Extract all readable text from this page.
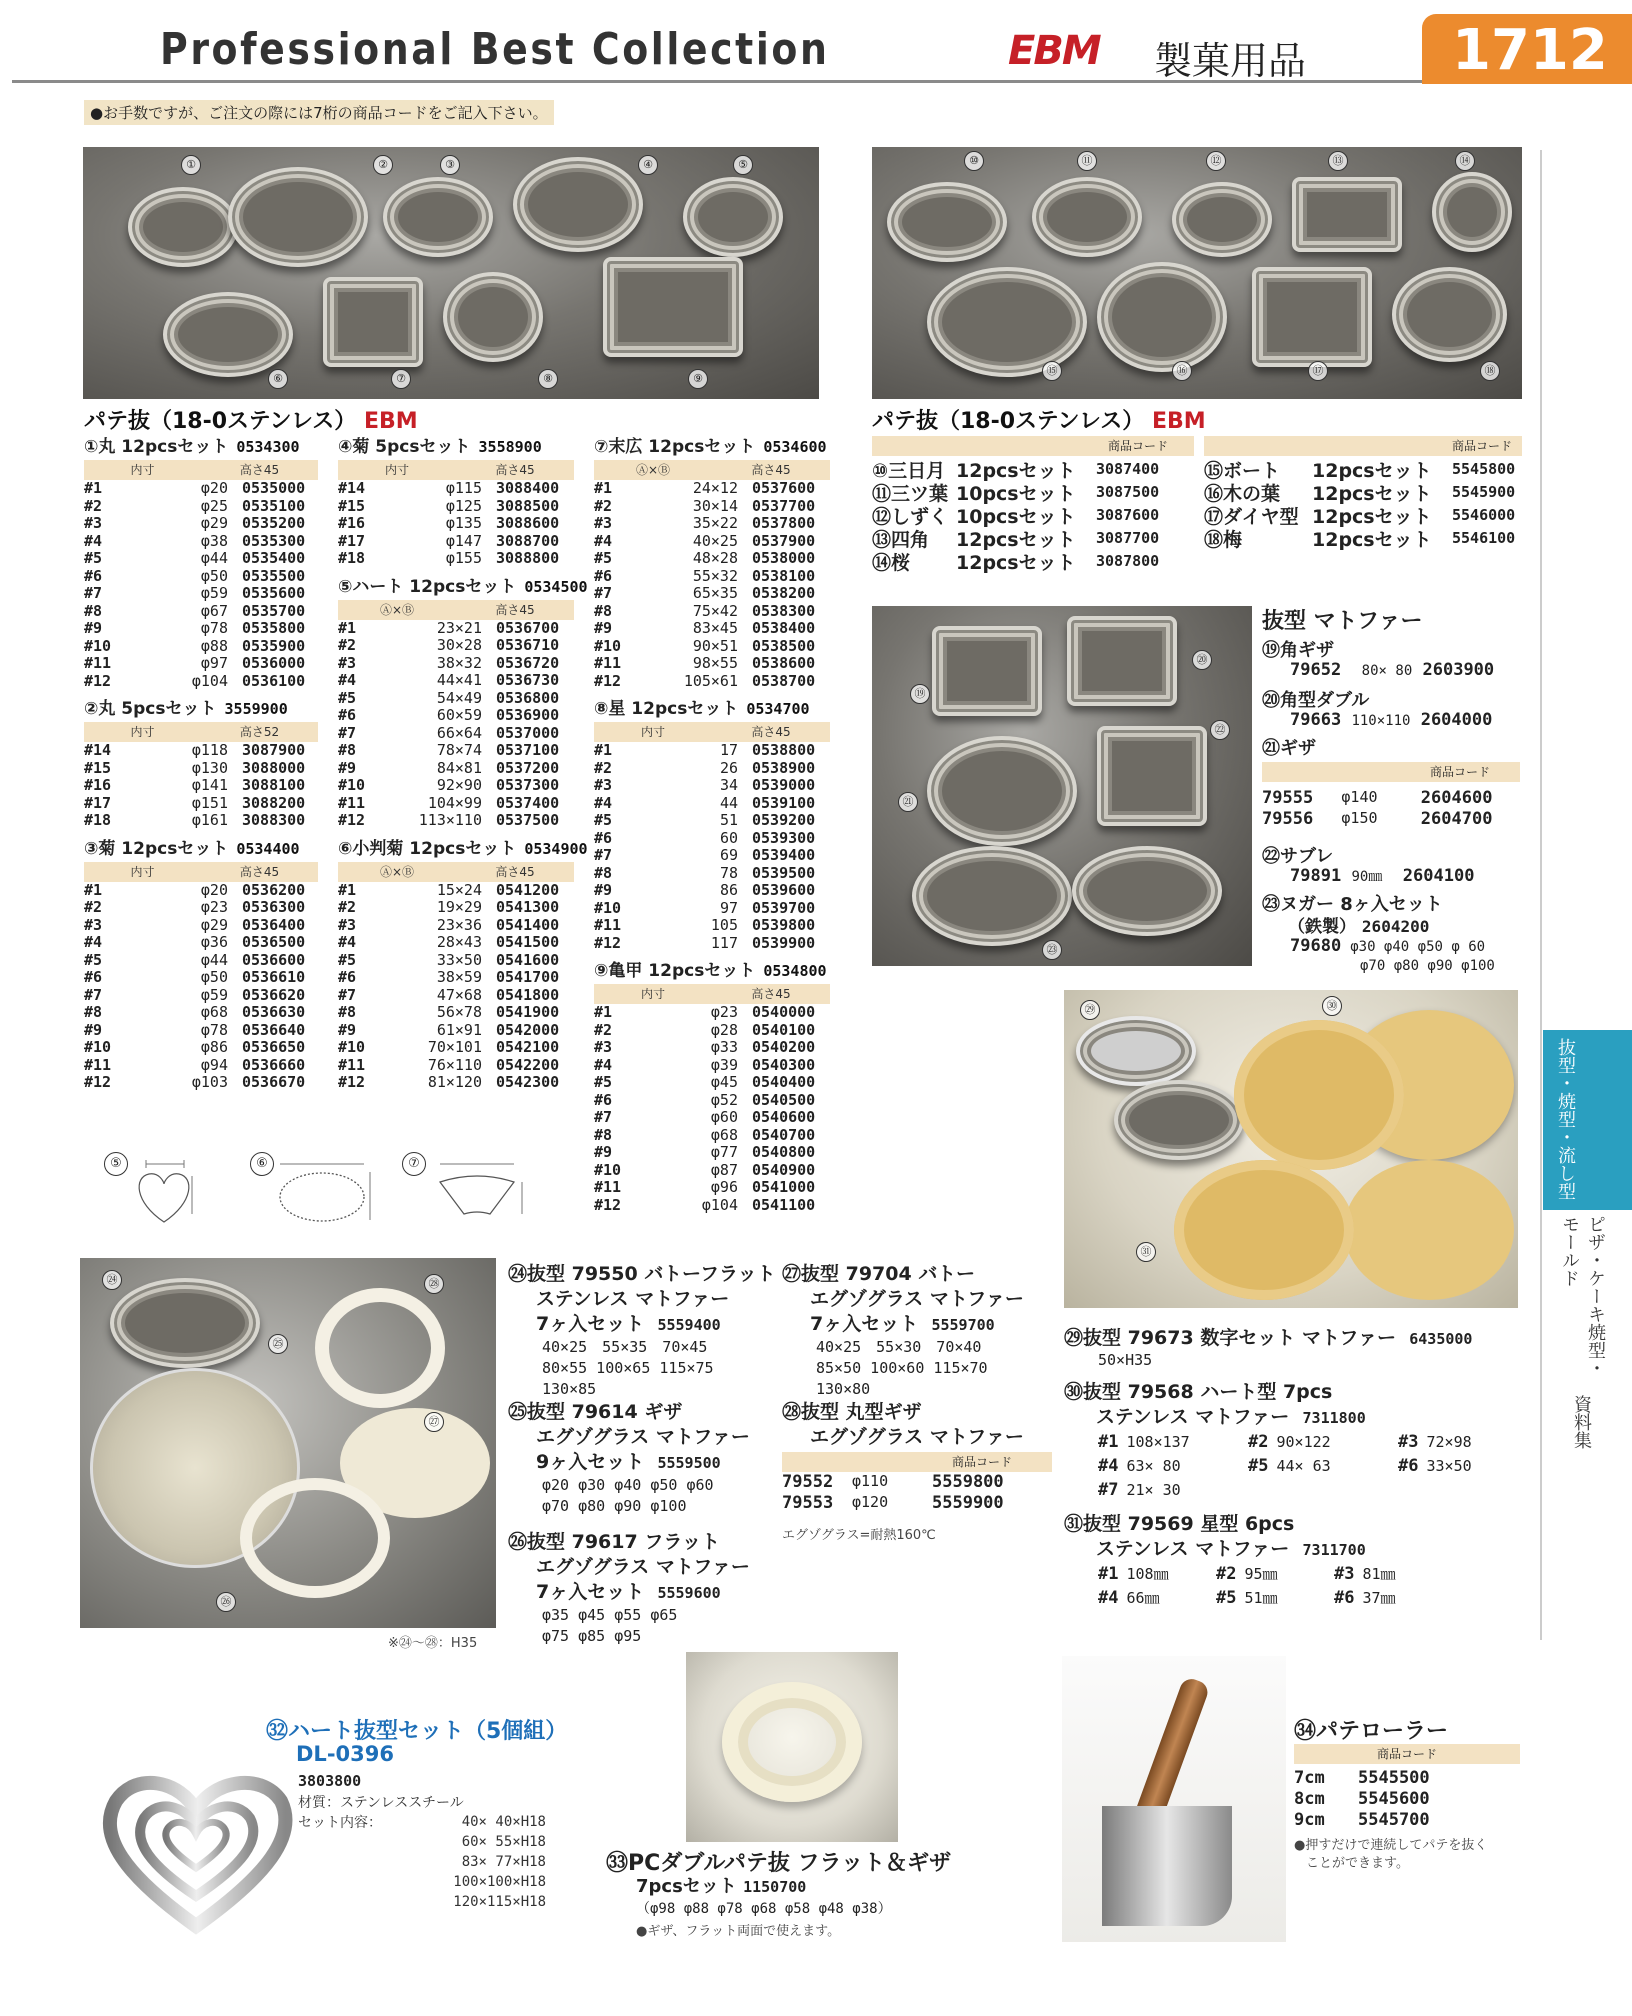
Professional Best Collection	EBM 製菓用品	1712
●お手数ですが、ご注文の際には7桁の商品コードをご記入下さい。
抜型・焼型・流し型
ピザ・ケーキ焼型・モールド
資料集
①	②	③	④	⑤
⑥	⑦	⑧	⑨
⑩	⑪	⑫	⑬	⑭
⑮	⑯	⑰	⑱
パテ抜（18-0ステンレス） EBM
①丸 12pcsセット 0534300
内寸	高さ45
#1	φ20 0535000
#2	φ25 0535100
#3	φ29 0535200
#4	φ38 0535300
#5	φ44 0535400
#6	φ50 0535500
#7	φ59 0535600
#8	φ67 0535700
#9	φ78 0535800
#10	φ88 0535900
#11	φ97 0536000
#12	φ104 0536100
②丸 5pcsセット 3559900
内寸	高さ52
#14	φ118 3087900
#15	φ130 3088000
#16	φ141 3088100
#17	φ151 3088200
#18	φ161 3088300
③菊 12pcsセット 0534400
内寸	高さ45
#1	φ20 0536200
#2	φ23 0536300
#3	φ29 0536400
#4	φ36 0536500
#5	φ44 0536600
#6	φ50 0536610
#7	φ59 0536620
#8	φ68 0536630
#9	φ78 0536640
#10	φ86 0536650
#11	φ94 0536660
#12	φ103 0536670
④菊 5pcsセット 3558900
内寸	高さ45
#14	φ115 3088400
#15	φ125 3088500
#16	φ135 3088600
#17	φ147 3088700
#18	φ155 3088800
⑤ハート 12pcsセット 0534500
Ⓐ×Ⓑ	高さ45
#1	23×21 0536700
#2	30×28 0536710
#3	38×32 0536720
#4	44×41 0536730
#5	54×49 0536800
#6	60×59 0536900
#7	66×64 0537000
#8	78×74 0537100
#9	84×81 0537200
#10	92×90 0537300
#11	104×99 0537400
#12	113×110 0537500
⑥小判菊 12pcsセット 0534900
Ⓐ×Ⓑ	高さ45
#1	15×24 0541200
#2	19×29 0541300
#3	23×36 0541400
#4	28×43 0541500
#5	33×50 0541600
#6	38×59 0541700
#7	47×68 0541800
#8	56×78 0541900
#9	61×91 0542000
#10	70×101 0542100
#11	76×110 0542200
#12	81×120 0542300
⑦末広 12pcsセット 0534600
Ⓐ×Ⓑ	高さ45
#1	24×12 0537600
#2	30×14 0537700
#3	35×22 0537800
#4	40×25 0537900
#5	48×28 0538000
#6	55×32 0538100
#7	65×35 0538200
#8	75×42 0538300
#9	83×45 0538400
#10	90×51 0538500
#11	98×55 0538600
#12	105×61 0538700
⑧星 12pcsセット 0534700
内寸	高さ45
#1	17 0538800
#2	26 0538900
#3	34 0539000
#4	44 0539100
#5	51 0539200
#6	60 0539300
#7	69 0539400
#8	78 0539500
#9	86 0539600
#10	97 0539700
#11	105 0539800
#12	117 0539900
⑨亀甲 12pcsセット 0534800
内寸	高さ45
#1	φ23 0540000
#2	φ28 0540100
#3	φ33 0540200
#4	φ39 0540300
#5	φ45 0540400
#6	φ52 0540500
#7	φ60 0540600
#8	φ68 0540700
#9	φ77 0540800
#10	φ87 0540900
#11	φ96 0541000
#12	φ104 0541100
⑤	⑥	⑦
パテ抜（18-0ステンレス） EBM
商品コード	商品コード
⑩三日月 12pcsセット	3087400
⑪三ツ葉 10pcsセット	3087500
⑫しずく 10pcsセット	3087600
⑬四角	12pcsセット	3087700
⑭桜	12pcsセット	3087800
⑮ボート	12pcsセット	5545800
⑯木の葉	12pcsセット	5545900
⑰ダイヤ型 12pcsセット	5546000
⑱梅	12pcsセット	5546100
⑲
⑳
㉑
㉒
㉓
抜型 マトファー
⑲角ギザ
79652 80× 80 2603900
⑳角型ダブル
79663 110×110 2604000
㉑ギザ
商品コード
79555	φ140	2604600
79556	φ150	2604700
㉒サブレ
79891 90㎜ 2604100
㉓ヌガー 8ヶ入セット
（鉄製） 2604200
79680 φ30 φ40 φ50 φ 60
φ70 φ80 φ90 φ100
㉙	㉚
㉛
㉔
㉕
㉖
㉗
㉘
※㉔～㉘：H35
㉔抜型 79550 バトーフラット
ステンレス マトファー
7ヶ入セット 5559400
40×25　55×35　70×45
80×55 100×65 115×75
130×85
㉕抜型 79614 ギザ
エグゾグラス マトファー
9ヶ入セット 5559500
φ20 φ30 φ40 φ50 φ60
φ70 φ80 φ90 φ100
㉖抜型 79617 フラット
エグゾグラス マトファー
7ヶ入セット 5559600
φ35 φ45 φ55 φ65
φ75 φ85 φ95
㉗抜型 79704 バトー
エグゾグラス マトファー
7ヶ入セット 5559700
40×25　55×30　70×40
85×50 100×60 115×70
130×80
㉘抜型 丸型ギザ
エグゾグラス マトファー
商品コード
79552	φ110	5559800
79553	φ120	5559900
エグゾグラス=耐熱160℃
㉙抜型 79673 数字セット マトファー 6435000
50×H35
㉚抜型 79568 ハート型 7pcs
ステンレス マトファー 7311800
#1 108×137	#2 90×122	#3 72×98
#4 63× 80	#5 44× 63	#6 33×50
#7 21× 30
㉛抜型 79569 星型 6pcs
ステンレス マトファー 7311700
#1 108㎜	#2 95㎜	#3 81㎜
#4 66㎜	#5 51㎜	#6 37㎜
㉜ハート抜型セット（5個組）
DL-0396
3803800
材質：ステンレススチール
セット内容：	40× 40×H18
60× 55×H18
83× 77×H18
100×100×H18
120×115×H18
㉝PCダブルパテ抜 フラット＆ギザ
7pcsセット 1150700
（φ98 φ88 φ78 φ68 φ58 φ48 φ38）
●ギザ、フラット両面で使えます。
㉞パテローラー
商品コード
7cm	5545500
8cm	5545600
9cm	5545700
●押すだけで連続してパテを抜く
ことができます。
